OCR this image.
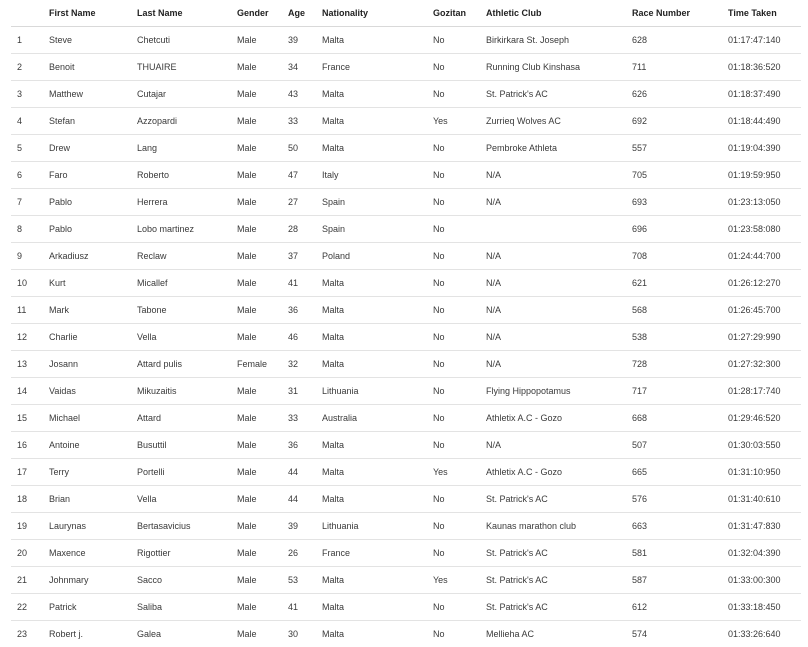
	First Name	Last Name	Gender	Age	Nationality	Gozitan	Athletic Club	Race Number	Time Taken
1	Steve	Chetcuti	Male	39	Malta	No	Birkirkara St. Joseph	628	01:17:47:140
2	Benoit	THUAIRE	Male	34	France	No	Running Club Kinshasa	711	01:18:36:520
3	Matthew	Cutajar	Male	43	Malta	No	St. Patrick's AC	626	01:18:37:490
4	Stefan	Azzopardi	Male	33	Malta	Yes	Zurrieq Wolves AC	692	01:18:44:490
5	Drew	Lang	Male	50	Malta	No	Pembroke Athleta	557	01:19:04:390
6	Faro	Roberto	Male	47	Italy	No	N/A	705	01:19:59:950
7	Pablo	Herrera	Male	27	Spain	No	N/A	693	01:23:13:050
8	Pablo	Lobo martinez	Male	28	Spain	No		696	01:23:58:080
9	Arkadiusz	Reclaw	Male	37	Poland	No	N/A	708	01:24:44:700
10	Kurt	Micallef	Male	41	Malta	No	N/A	621	01:26:12:270
11	Mark	Tabone	Male	36	Malta	No	N/A	568	01:26:45:700
12	Charlie	Vella	Male	46	Malta	No	N/A	538	01:27:29:990
13	Josann	Attard pulis	Female	32	Malta	No	N/A	728	01:27:32:300
14	Vaidas	Mikuzaitis	Male	31	Lithuania	No	Flying Hippopotamus	717	01:28:17:740
15	Michael	Attard	Male	33	Australia	No	Athletix A.C - Gozo	668	01:29:46:520
16	Antoine	Busuttil	Male	36	Malta	No	N/A	507	01:30:03:550
17	Terry	Portelli	Male	44	Malta	Yes	Athletix A.C - Gozo	665	01:31:10:950
18	Brian	Vella	Male	44	Malta	No	St. Patrick's AC	576	01:31:40:610
19	Laurynas	Bertasavicius	Male	39	Lithuania	No	Kaunas marathon club	663	01:31:47:830
20	Maxence	Rigottier	Male	26	France	No	St. Patrick's AC	581	01:32:04:390
21	Johnmary	Sacco	Male	53	Malta	Yes	St. Patrick's AC	587	01:33:00:300
22	Patrick	Saliba	Male	41	Malta	No	St. Patrick's AC	612	01:33:18:450
23	Robert j.	Galea	Male	30	Malta	No	Mellieha AC	574	01:33:26:640
